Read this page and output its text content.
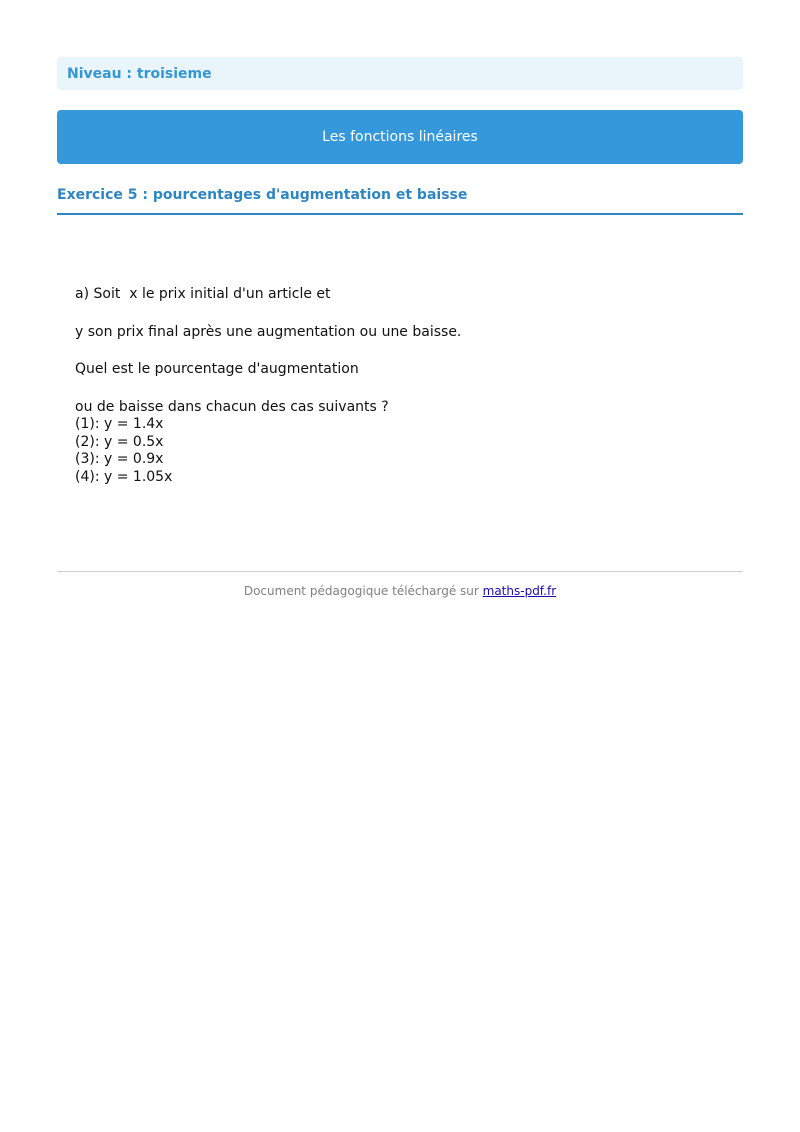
Niveau : troisieme
Les fonctions linéaires
Exercice 5 : pourcentages d'augmentation et baisse
a) Soit  x le prix initial d'un article et
y son prix final après une augmentation ou une baisse.
Quel est le pourcentage d'augmentation
ou de baisse dans chacun des cas suivants ?
(1): y = 1.4x
(2): y = 0.5x
(3): y = 0.9x
(4): y = 1.05x
Document pédagogique téléchargé sur maths-pdf.fr
